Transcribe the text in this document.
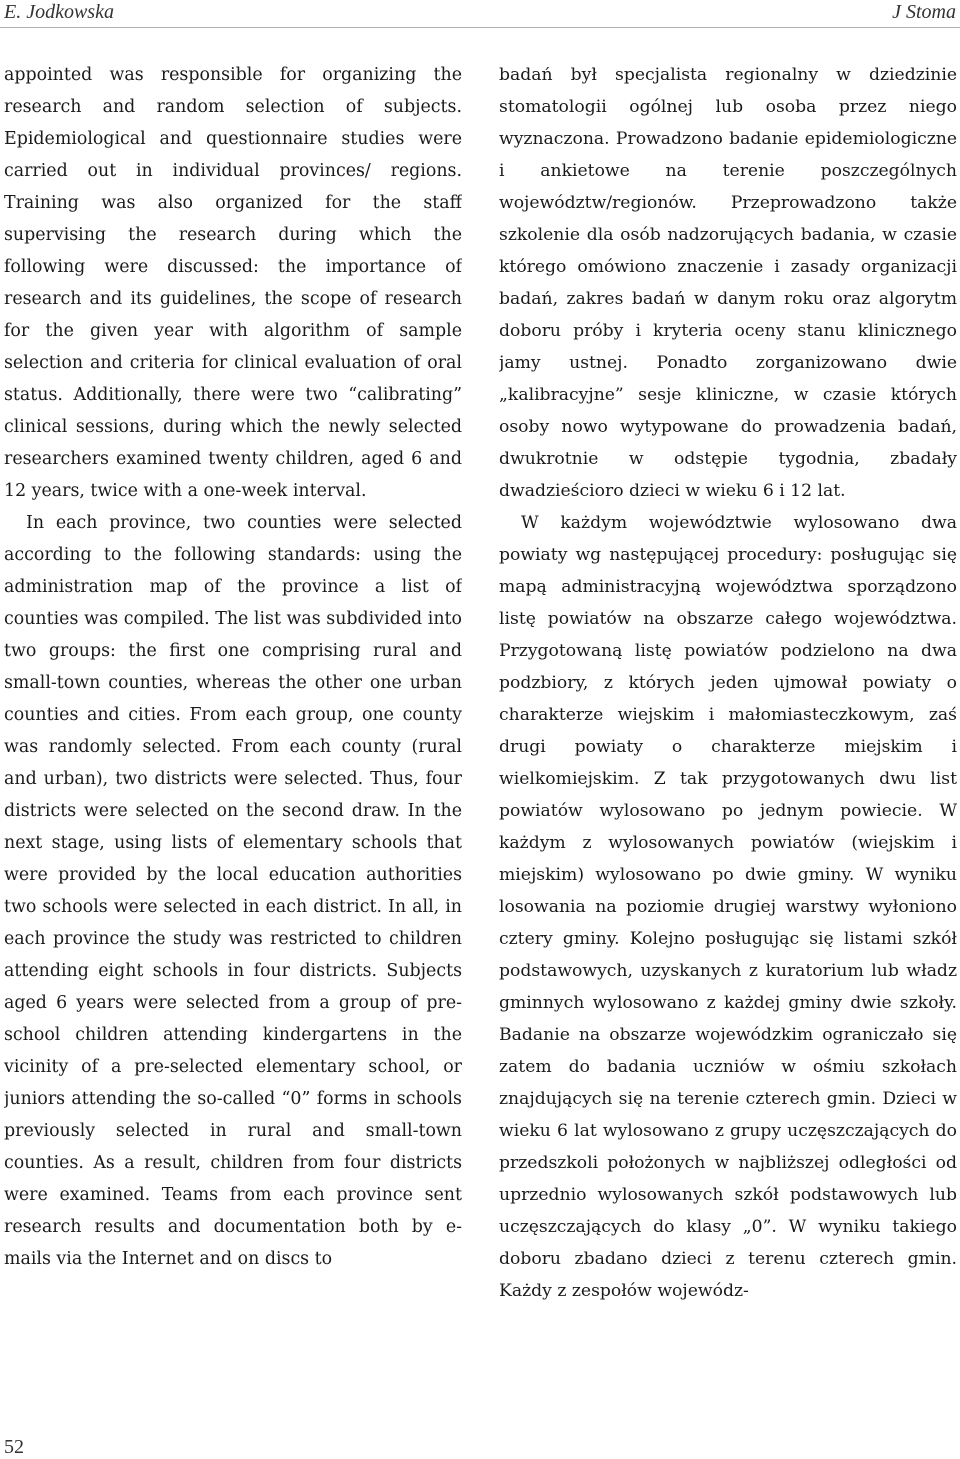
E. Jodkowska	J Stoma

appointed was responsible for organizing the research and random selection of subjects. Epidemiological and questionnaire studies were carried out in individual provinces/ regions. Training was also organized for the staff supervising the research during which the following were discussed: the importance of research and its guidelines, the scope of research for the given year with algorithm of sample selection and criteria for clinical evaluation of oral status. Additionally, there were two “calibrating” clinical sessions, during which the newly selected researchers examined twenty children, aged 6 and 12 years, twice with a one-week interval.

In each province, two counties were selected according to the following standards: using the administration map of the province a list of counties was compiled. The list was subdivided into two groups: the first one comprising rural and small-town counties, whereas the other one urban counties and cities. From each group, one county was randomly selected. From each county (rural and urban), two districts were selected. Thus, four districts were selected on the second draw. In the next stage, using lists of elementary schools that were provided by the local education authorities two schools were selected in each district. In all, in each province the study was restricted to children attending eight schools in four districts. Subjects aged 6 years were selected from a group of pre-school children attending kindergartens in the vicinity of a pre-selected elementary school, or juniors attending the so-called “0” forms in schools previously selected in rural and small-town counties. As a result, children from four districts were examined. Teams from each province sent research results and documentation both by e-mails via the Internet and on discs to

badań był specjalista regionalny w dziedzinie stomatologii ogólnej lub osoba przez niego wyznaczona. Prowadzono badanie epidemiologiczne i ankietowe na terenie poszczególnych województw/regionów. Przeprowadzono także szkolenie dla osób nadzorujących badania, w czasie którego omówiono znaczenie i zasady organizacji badań, zakres badań w danym roku oraz algorytm doboru próby i kryteria oceny stanu klinicznego jamy ustnej. Ponadto zorganizowano dwie „kalibracyjne” sesje kliniczne, w czasie których osoby nowo wytypowane do prowadzenia badań, dwukrotnie w odstępie tygodnia, zbadały dwadzieścioro dzieci w wieku 6 i 12 lat.

W każdym województwie wylosowano dwa powiaty wg następującej procedury: posługując się mapą administracyjną województwa sporządzono listę powiatów na obszarze całego województwa. Przygotowaną listę powiatów podzielono na dwa podzbiory, z których jeden ujmował powiaty o charakterze wiejskim i małomiasteczkowym, zaś drugi powiaty o charakterze miejskim i wielkomiejskim. Z tak przygotowanych dwu list powiatów wylosowano po jednym powiecie. W każdym z wylosowanych powiatów (wiejskim i miejskim) wylosowano po dwie gminy. W wyniku losowania na poziomie drugiej warstwy wyłoniono cztery gminy. Kolejno posługując się listami szkół podstawowych, uzyskanych z kuratorium lub władz gminnych wylosowano z każdej gminy dwie szkoły. Badanie na obszarze wojewódzkim ograniczało się zatem do badania uczniów w ośmiu szkołach znajdujących się na terenie czterech gmin. Dzieci w wieku 6 lat wylosowano z grupy uczęszczających do przedszkoli położonych w najbliższej odległości od uprzednio wylosowanych szkół podstawowych lub uczęszczających do klasy „0”. W wyniku takiego doboru zbadano dzieci z terenu czterech gmin. Każdy z zespołów wojewódz-

52
